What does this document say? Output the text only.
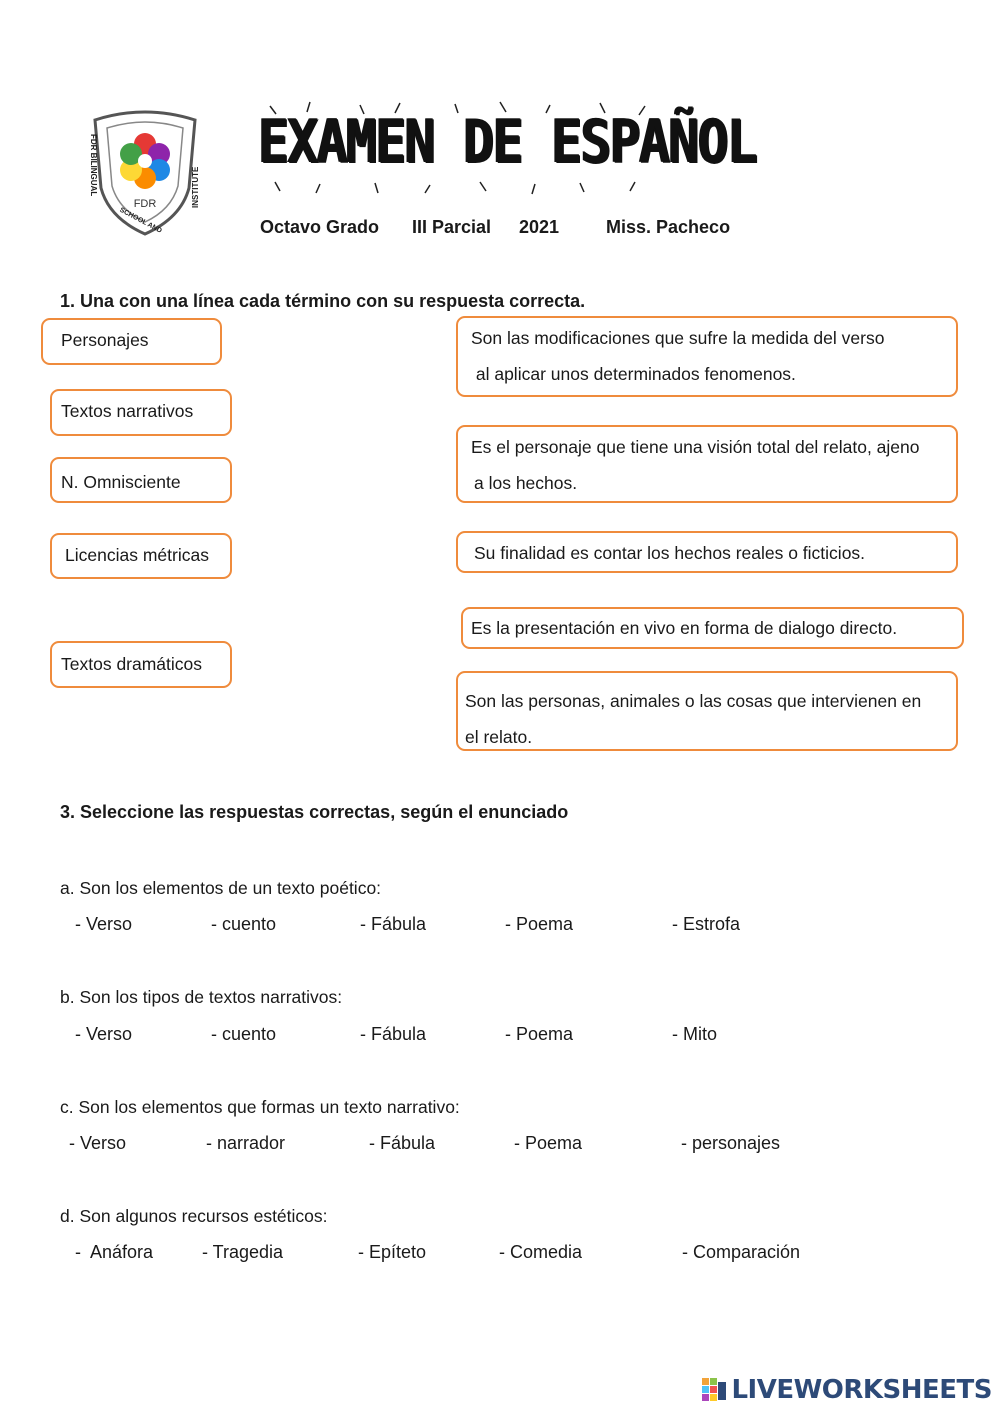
FDR
FDR BILINGUAL
SCHOOL AND
INSTITUTE
EXAMEN DE ESPAÑOL
Octavo Grado III Parcial 2021	Miss. Pacheco
1. Una con una línea cada término con su respuesta correcta.
Personajes
Textos narrativos
N. Omnisciente
Licencias métricas
Textos dramáticos
Son las modificaciones que sufre la medida del verso
al aplicar unos determinados fenomenos.
Es el personaje que tiene una visión total del relato, ajeno
a los hechos.
Su finalidad es contar los hechos reales o ficticios.
Es la presentación en vivo en forma de dialogo directo.
Son las personas, animales o las cosas que intervienen en
el relato.
3. Seleccione las respuestas correctas, según el enunciado
a. Son los elementos de un texto poético:
- Verso	- cuento	- Fábula	- Poema	- Estrofa
b. Son los tipos de textos narrativos:
- Verso	- cuento	- Fábula	- Poema	- Mito
c. Son los elementos que formas un texto narrativo:
- Verso	- narrador	- Fábula	- Poema	- personajes
d. Son algunos recursos estéticos:
-  Anáfora	- Tragedia	- Epíteto	- Comedia	- Comparación
LIVEWORKSHEETS
